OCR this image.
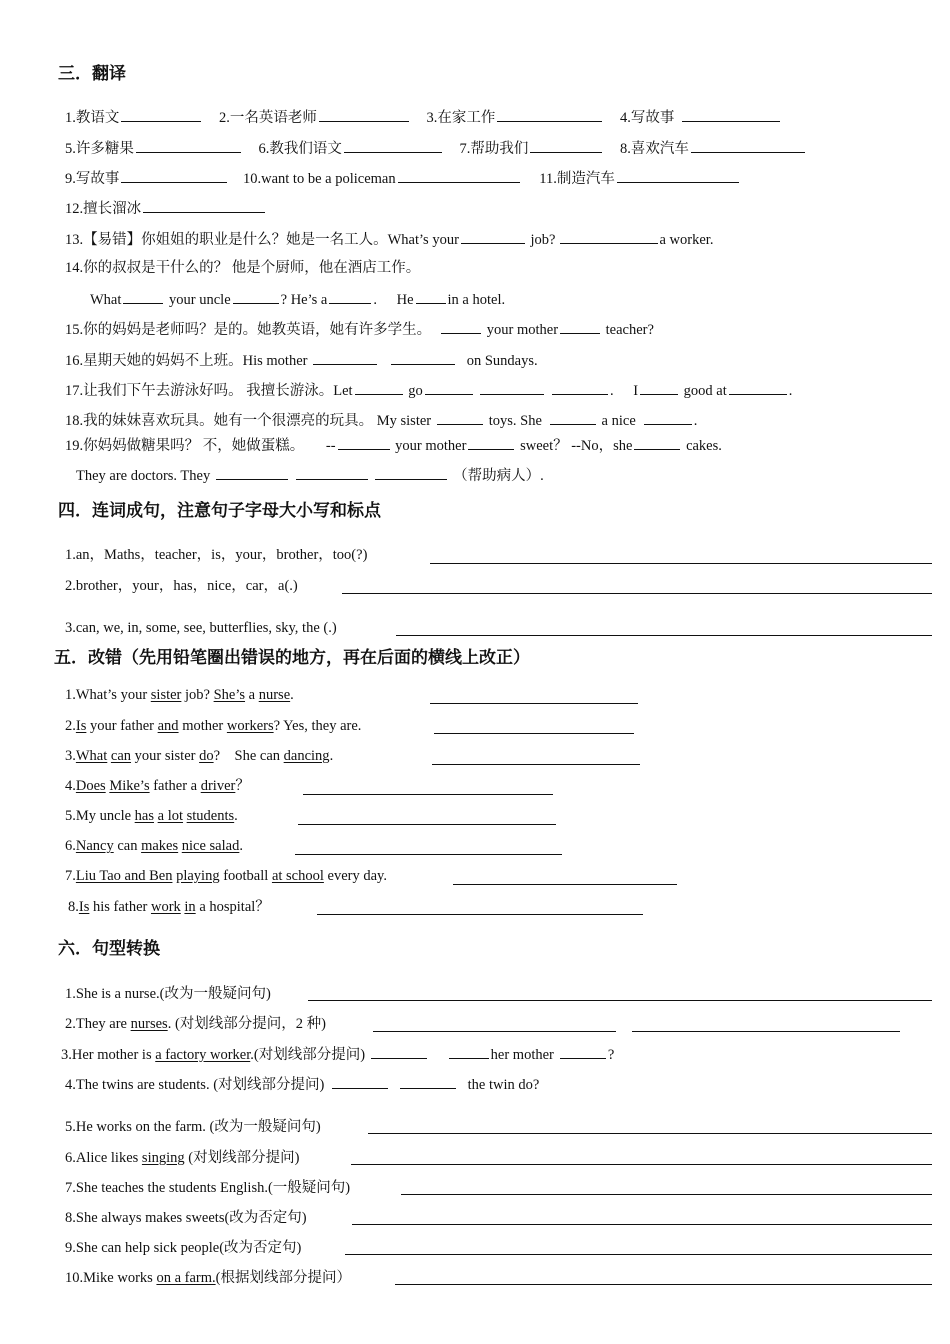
三．翻译
1.教语文	2.一名英语老师	3.在家工作	4.写故事
5.许多糖果	6.教我们语文	7.帮助我们	8.喜欢汽车
9.写故事	10.want to be a policeman	11.制造汽车
12.擅长溜冰
13.【易错】你姐姐的职业是什么？她是一名工人。What’s your	job?	a worker.
14.你的叔叔是干什么的？ 他是个厨师，他在酒店工作。
What	your uncle	? He’s a	. He in a hotel.
15.你的妈妈是老师吗？是的。她教英语，她有许多学生。	your mother	teacher?
16.星期天她的妈妈不上班。His mother	on Sundays.
17.让我们下午去游泳好吗。 我擅长游泳。Let	go	. I	good at	.
18.我的妹妹喜欢玩具。她有一个很漂亮的玩具。 My sister	toys. She	a nice	.
19.你妈妈做糖果吗？ 不，她做蛋糕。 --	your mother	sweet？ --No，she	cakes.
They are doctors. They	（帮助病人）.
四．连词成句，注意句子字母大小写和标点
1.an，Maths，teacher，is，your，brother，too(?)
2.brother，your，has，nice，car，a(.)
3.can, we, in, some, see, butterflies, sky, the (.)
五．改错（先用铅笔圈出错误的地方，再在后面的横线上改正）
1.What’s your sister job? She’s a nurse.
2.Is your father and mother workers? Yes, they are.
3.What can your sister do?    She can dancing.
4.Does Mike’s father a driver？
5.My uncle has a lot students.
6.Nancy can makes nice salad.
7.Liu Tao and Ben playing football at school every day.
8.Is his father work in a hospital？
六．句型转换
1.She is a nurse.(改为一般疑问句)
2.They are nurses. (对划线部分提问，2 种)
3.Her mother is a factory worker.(对划线部分提问)	her mother	?
4.The twins are students. (对划线部分提问)	the twin do?
5.He works on the farm. (改为一般疑问句)
6.Alice likes singing (对划线部分提问)
7.She teaches the students English.(一般疑问句)
8.She always makes sweets(改为否定句)
9.She can help sick people(改为否定句)
10.Mike works on a farm.(根据划线部分提问）
